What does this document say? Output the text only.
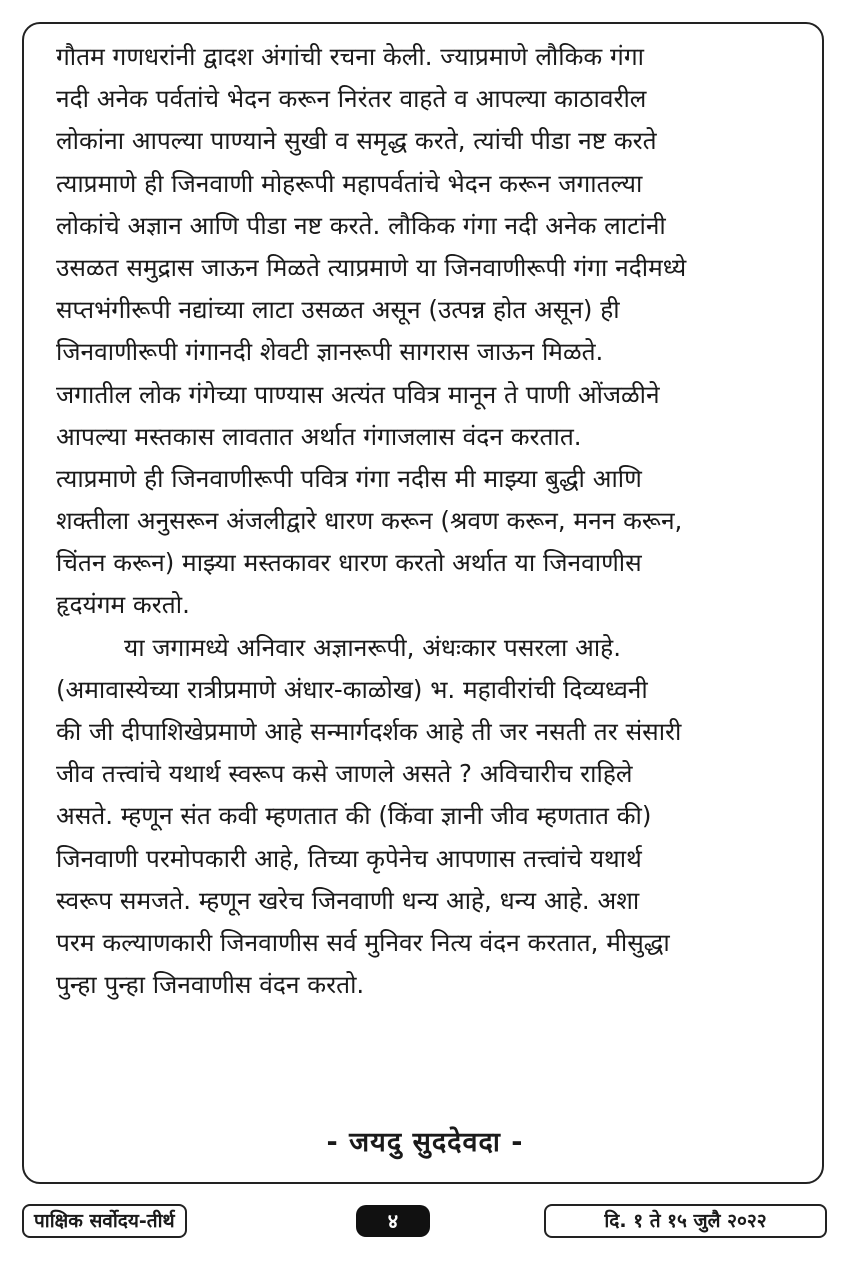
गौतम गणधरांनी द्वादश अंगांची रचना केली. ज्याप्रमाणे लौकिक गंगा
नदी अनेक पर्वतांचे भेदन करून निरंतर वाहते व आपल्या काठावरील
लोकांना आपल्या पाण्याने सुखी व समृद्ध करते, त्यांची पीडा नष्ट करते
त्याप्रमाणे ही जिनवाणी मोहरूपी महापर्वतांचे भेदन करून जगातल्या
लोकांचे अज्ञान आणि पीडा नष्ट करते. लौकिक गंगा नदी अनेक लाटांनी
उसळत समुद्रास जाऊन मिळते त्याप्रमाणे या जिनवाणीरूपी गंगा नदीमध्ये
सप्तभंगीरूपी नद्यांच्या लाटा उसळत असून (उत्पन्न होत असून) ही
जिनवाणीरूपी गंगानदी शेवटी ज्ञानरूपी सागरास जाऊन मिळते.
जगातील लोक गंगेच्या पाण्यास अत्यंत पवित्र मानून ते पाणी ओंजळीने
आपल्या मस्तकास लावतात अर्थात गंगाजलास वंदन करतात.
त्याप्रमाणे ही जिनवाणीरूपी पवित्र गंगा नदीस मी माझ्या बुद्धी आणि
शक्तीला अनुसरून अंजलीद्वारे धारण करून (श्रवण करून, मनन करून,
चिंतन करून) माझ्या मस्तकावर धारण करतो अर्थात या जिनवाणीस
हृदयंगम करतो.
या जगामध्ये अनिवार अज्ञानरूपी, अंधःकार पसरला आहे.
(अमावास्येच्या रात्रीप्रमाणे अंधार-काळोख) भ. महावीरांची दिव्यध्वनी
की जी दीपाशिखेप्रमाणे आहे सन्मार्गदर्शक आहे ती जर नसती तर संसारी
जीव तत्त्वांचे यथार्थ स्वरूप कसे जाणले असते ? अविचारीच राहिले
असते. म्हणून संत कवी म्हणतात की (किंवा ज्ञानी जीव म्हणतात की)
जिनवाणी परमोपकारी आहे, तिच्या कृपेनेच आपणास तत्त्वांचे यथार्थ
स्वरूप समजते. म्हणून खरेच जिनवाणी धन्य आहे, धन्य आहे. अशा
परम कल्याणकारी जिनवाणीस सर्व मुनिवर नित्य वंदन करतात, मीसुद्धा
पुन्हा पुन्हा जिनवाणीस वंदन करतो.
- जयदु सुददेवदा -
पाक्षिक सर्वोदय-तीर्थ	४	दि. १ ते १५ जुलै २०२२
